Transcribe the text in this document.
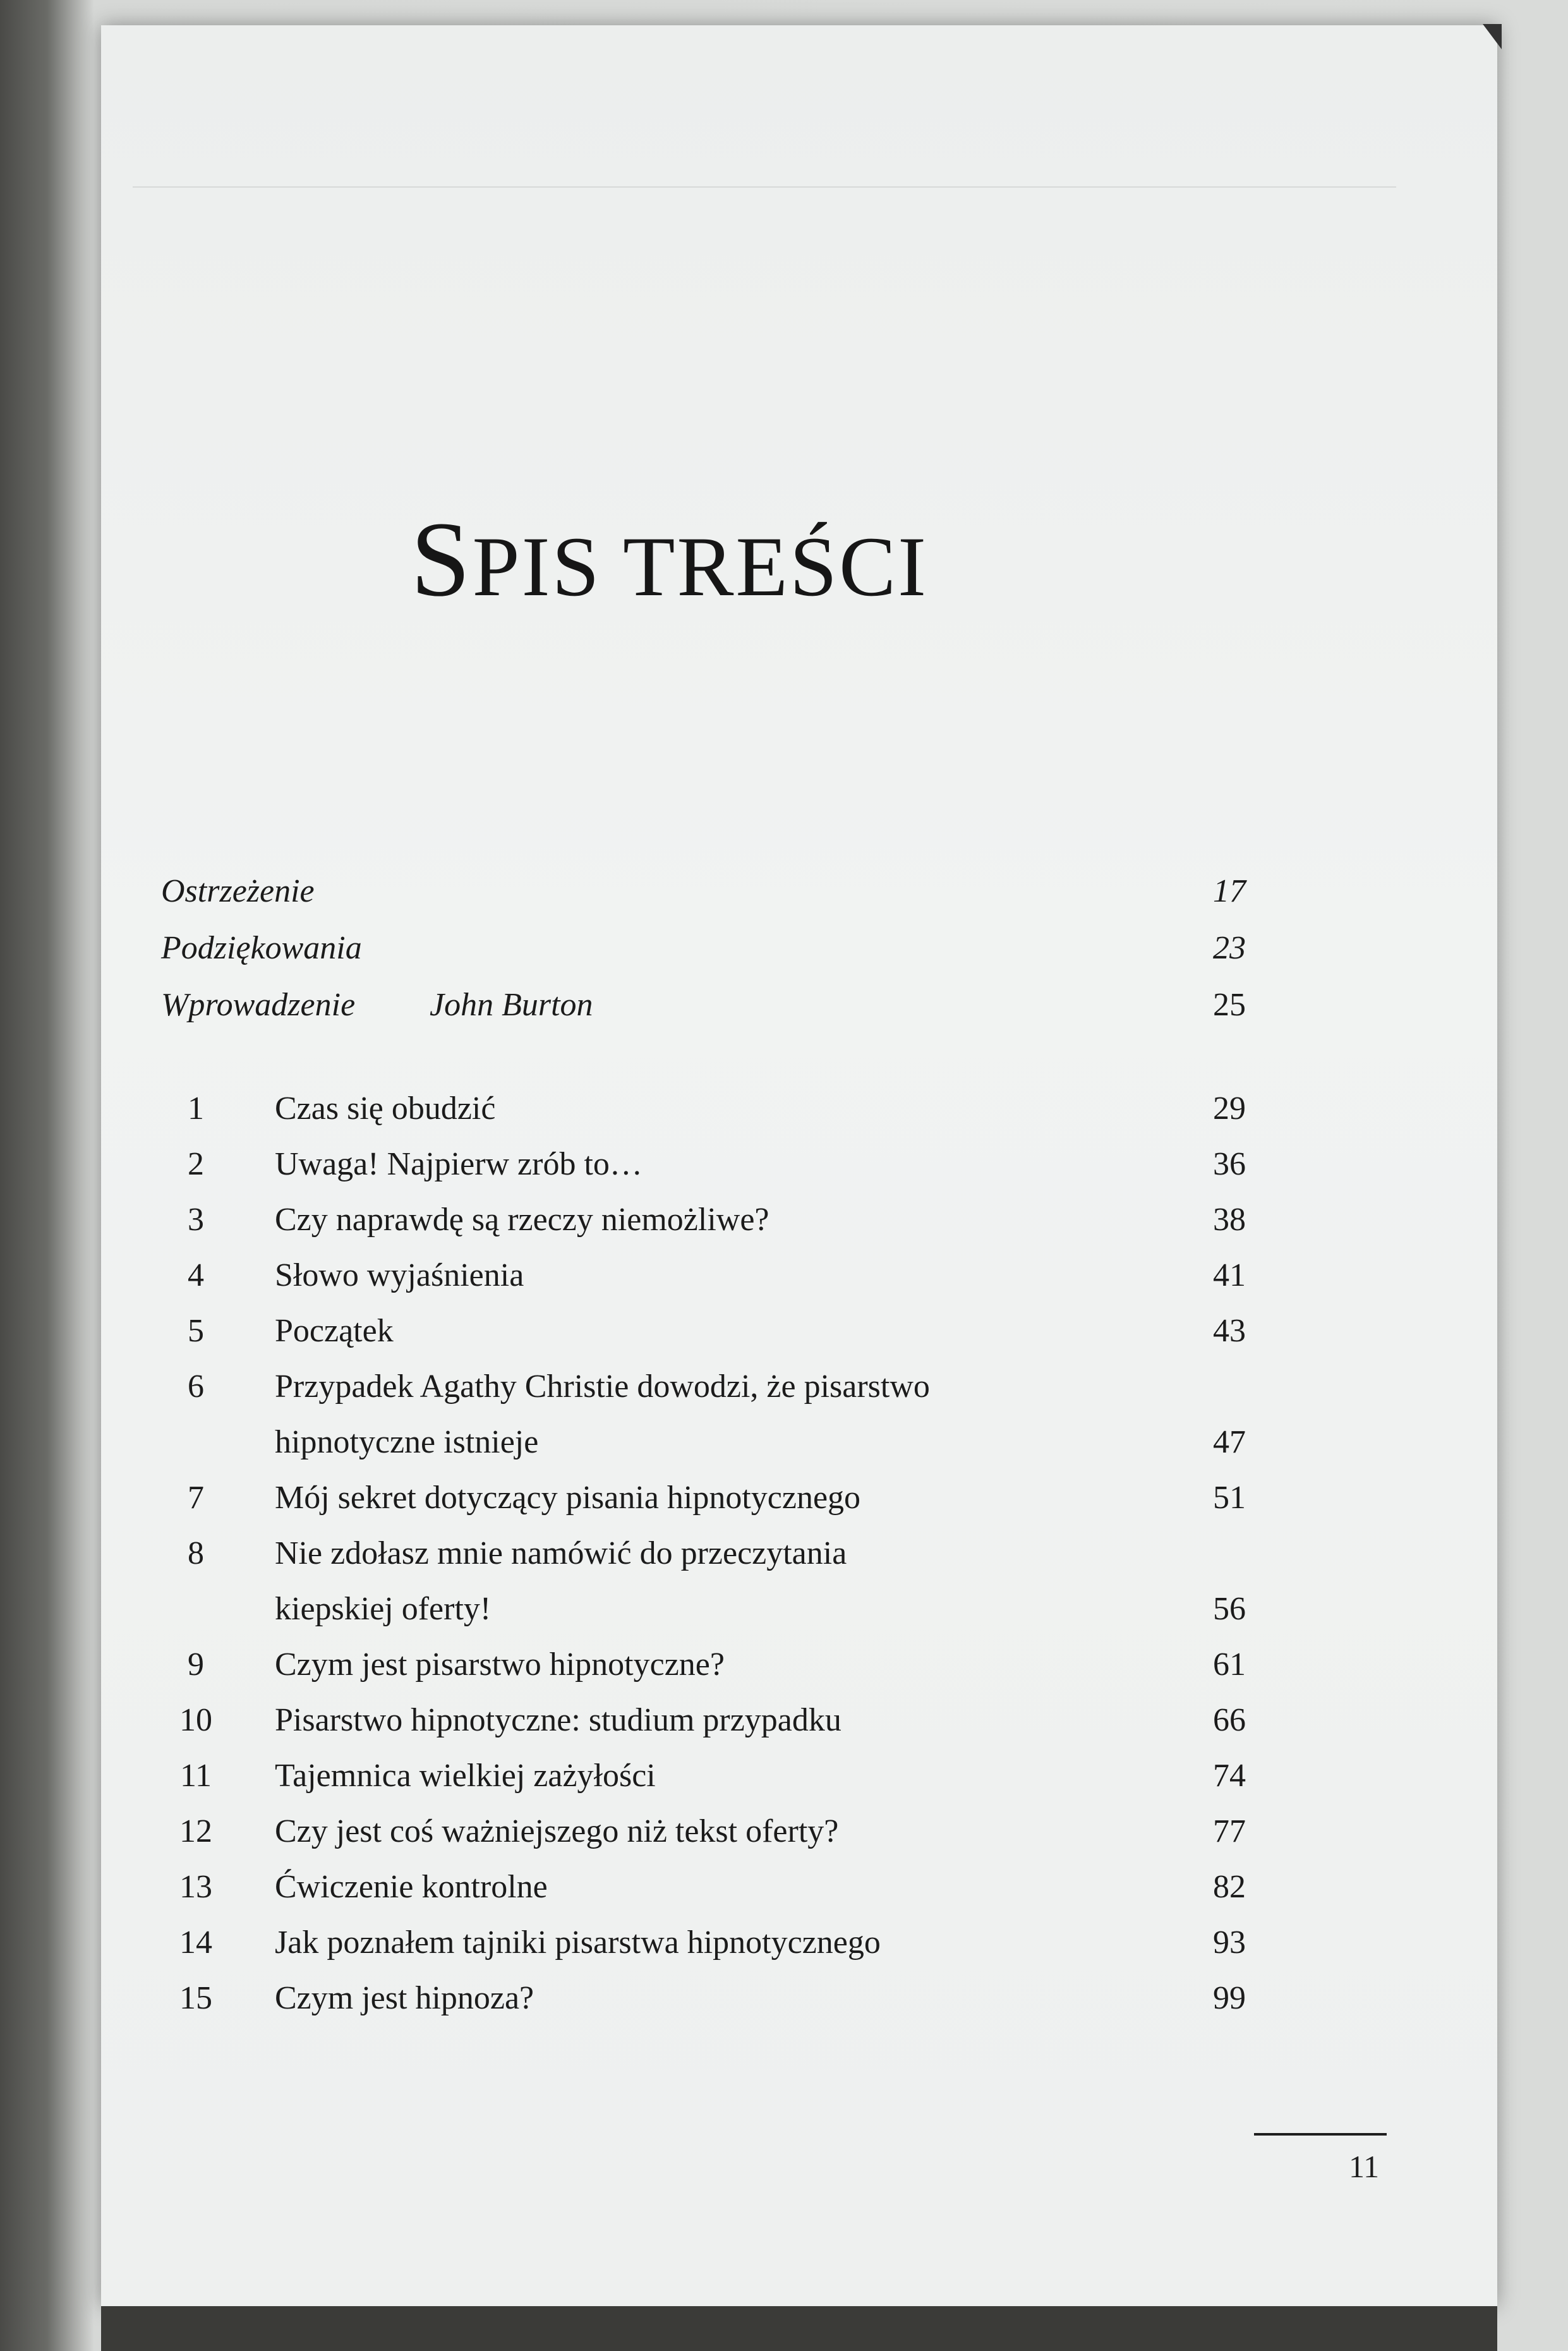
SPIS TREŚCI
Ostrzeżenie	17
Podziękowania	23
Wprowadzenie John Burton	25
1	Czas się obudzić	29
2	Uwaga! Najpierw zrób to…	36
3	Czy naprawdę są rzeczy niemożliwe?	38
4	Słowo wyjaśnienia	41
5	Początek	43
6	Przypadek Agathy Christie dowodzi, że pisarstwo
hipnotyczne istnieje	47
7	Mój sekret dotyczący pisania hipnotycznego	51
8	Nie zdołasz mnie namówić do przeczytania
kiepskiej oferty!	56
9	Czym jest pisarstwo hipnotyczne?	61
10 Pisarstwo hipnotyczne: studium przypadku	66
11 Tajemnica wielkiej zażyłości	74
12 Czy jest coś ważniejszego niż tekst oferty?	77
13 Ćwiczenie kontrolne	82
14 Jak poznałem tajniki pisarstwa hipnotycznego	93
15 Czym jest hipnoza?	99
11
